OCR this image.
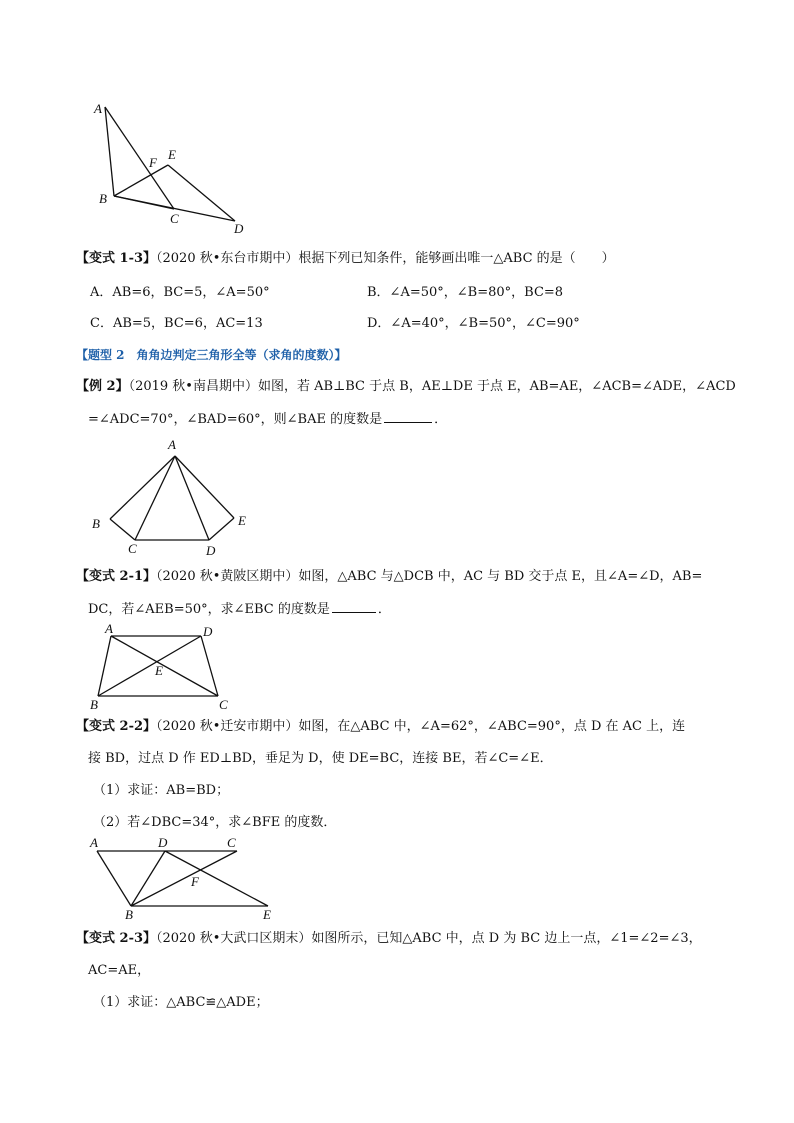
A
B
C
D
E
F
【变式 1-3】（2020 秋•东台市期中）根据下列已知条件，能够画出唯一△ABC 的是（　　）
A．AB=6，BC=5，∠A=50°	B．∠A=50°，∠B=80°，BC=8
C．AB=5，BC=6，AC=13	D．∠A=40°，∠B=50°，∠C=90°
【题型 2　角角边判定三角形全等（求角的度数）】
【例 2】（2019 秋•南昌期中）如图，若 AB⊥BC 于点 B，AE⊥DE 于点 E，AB=AE，∠ACB=∠ADE，∠ACD
=∠ADC=70°，∠BAD=60°，则∠BAE 的度数是	．
A
B
C	D
E
【变式 2-1】（2020 秋•黄陂区期中）如图，△ABC 与△DCB 中，AC 与 BD 交于点 E，且∠A=∠D，AB=
DC，若∠AEB=50°，求∠EBC 的度数是	．
A
B	C
D
E
【变式 2-2】（2020 秋•迁安市期中）如图，在△ABC 中，∠A=62°，∠ABC=90°，点 D 在 AC 上，连
接 BD，过点 D 作 ED⊥BD，垂足为 D，使 DE=BC，连接 BE，若∠C=∠E．
（1）求证：AB=BD；
（2）若∠DBC=34°，求∠BFE 的度数．
A
B
C
D
E
F
【变式 2-3】（2020 秋•大武口区期末）如图所示，已知△ABC 中，点 D 为 BC 边上一点，∠1=∠2=∠3，
AC=AE，
（1）求证：△ABC≌△ADE；
